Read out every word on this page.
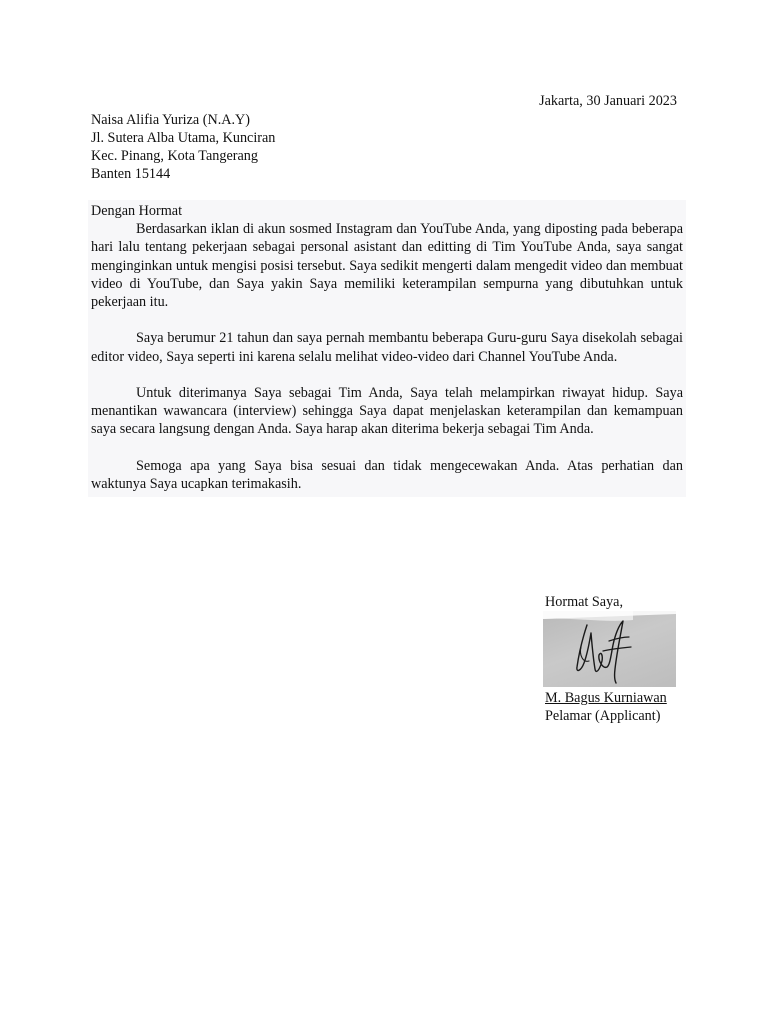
Jakarta, 30 Januari 2023
Naisa Alifia Yuriza (N.A.Y)
Jl. Sutera Alba Utama, Kunciran
Kec. Pinang, Kota Tangerang
Banten 15144

Dengan Hormat

Berdasarkan iklan di akun sosmed Instagram dan YouTube Anda, yang diposting pada beberapa hari lalu tentang pekerjaan sebagai personal asistant dan editting di Tim YouTube Anda, saya sangat menginginkan untuk mengisi posisi tersebut. Saya sedikit mengerti dalam mengedit video dan membuat video di YouTube, dan Saya yakin Saya memiliki keterampilan sempurna yang dibutuhkan untuk pekerjaan itu.

Saya berumur 21 tahun dan saya pernah membantu beberapa Guru-guru Saya disekolah sebagai editor video, Saya seperti ini karena selalu melihat video-video dari Channel YouTube Anda.

Untuk diterimanya Saya sebagai Tim Anda, Saya telah melampirkan riwayat hidup. Saya menantikan wawancara (interview) sehingga Saya dapat menjelaskan keterampilan dan kemampuan saya secara langsung dengan Anda. Saya harap akan diterima bekerja sebagai Tim Anda.

Semoga apa yang Saya bisa sesuai dan tidak mengecewakan Anda. Atas perhatian dan waktunya Saya ucapkan terimakasih.

Hormat Saya,
M. Bagus Kurniawan
Pelamar (Applicant)
